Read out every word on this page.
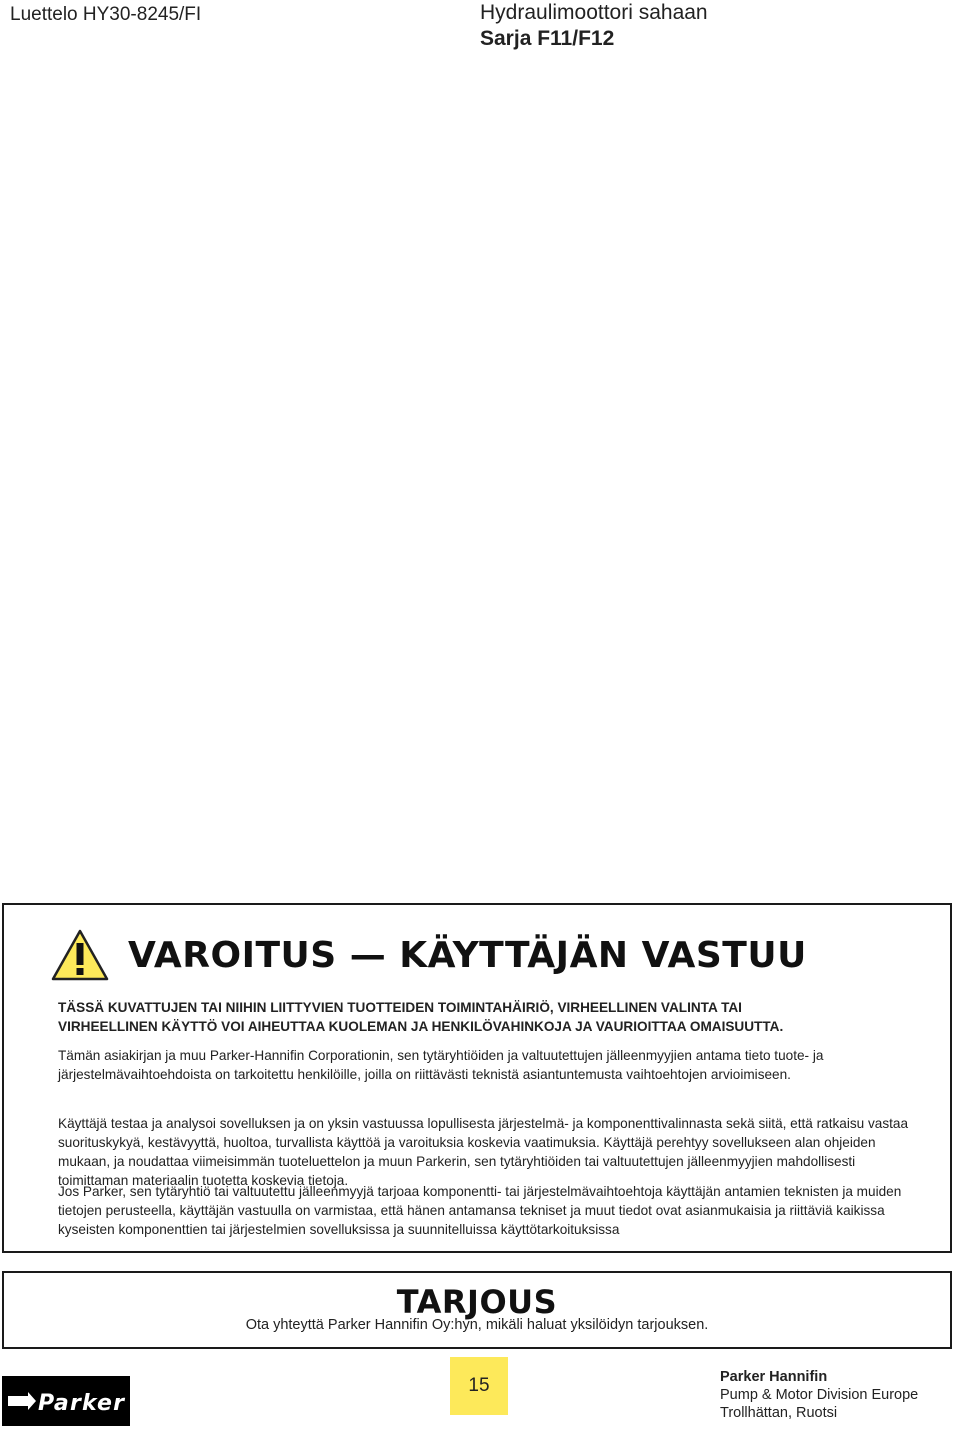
Luettelo HY30-8245/FI	Hydraulimoottori sahaan
Sarja F11/F12
VAROITUS — KÄYTTÄJÄN VASTUU
TÄSSÄ KUVATTUJEN TAI NIIHIN LIITTYVIEN TUOTTEIDEN TOIMINTAHÄIRIÖ, VIRHEELLINEN VALINTA TAI
VIRHEELLINEN KÄYTTÖ VOI AIHEUTTAA KUOLEMAN JA HENKILÖVAHINKOJA JA VAURIOITTAA OMAISUUTTA.
Tämän asiakirjan ja muu Parker-Hannifin Corporationin, sen tytäryhtiöiden ja valtuutettujen jälleenmyyjien antama tieto tuote- ja järjestelmävaihtoehdoista on tarkoitettu henkilöille, joilla on riittävästi teknistä asiantuntemusta vaihtoehtojen arvioimiseen.
Käyttäjä testaa ja analysoi sovelluksen ja on yksin vastuussa lopullisesta järjestelmä- ja komponenttivalinnasta sekä siitä, että ratkaisu vastaa suorituskykyä, kestävyyttä, huoltoa, turvallista käyttöä ja varoituksia koskevia vaatimuksia. Käyttäjä perehtyy sovellukseen alan ohjeiden mukaan, ja noudattaa viimeisimmän tuoteluettelon ja muun Parkerin, sen tytäryhtiöiden tai valtuutettujen jälleenmyyjien mahdollisesti toimittaman materiaalin tuotetta koskevia tietoja.
Jos Parker, sen tytäryhtiö tai valtuutettu jälleenmyyjä tarjoaa komponentti- tai järjestelmävaihtoehtoja käyttäjän antamien teknisten ja muiden tietojen perusteella, käyttäjän vastuulla on varmistaa, että hänen antamansa tekniset ja muut tiedot ovat asianmukaisia ja riittäviä kaikissa kyseisten komponenttien tai järjestelmien sovelluksissa ja suunnitelluissa käyttötarkoituksissa
TARJOUS
Ota yhteyttä Parker Hannifin Oy:hyn, mikäli haluat yksilöidyn tarjouksen.
15
Parker
Parker Hannifin
Pump & Motor Division Europe
Trollhättan, Ruotsi
